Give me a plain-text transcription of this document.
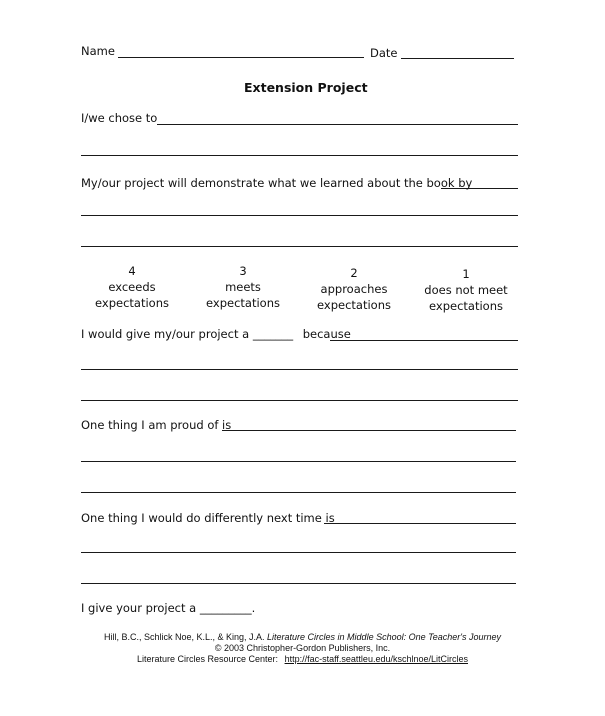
Name	Date
Extension Project
I/we chose to
My/our project will demonstrate what we learned about the book by
4
exceeds
expectations
3
meets
expectations
2
approaches
expectations
1
does not meet
expectations
I would give my/our project a _______ because
One thing I am proud of is
One thing I would do differently next time is
I give your project a _________.
Hill, B.C., Schlick Noe, K.L., & King, J.A. Literature Circles in Middle School: One Teacher's Journey
© 2003 Christopher-Gordon Publishers, Inc.
Literature Circles Resource Center: http://fac-staff.seattleu.edu/kschlnoe/LitCircles
